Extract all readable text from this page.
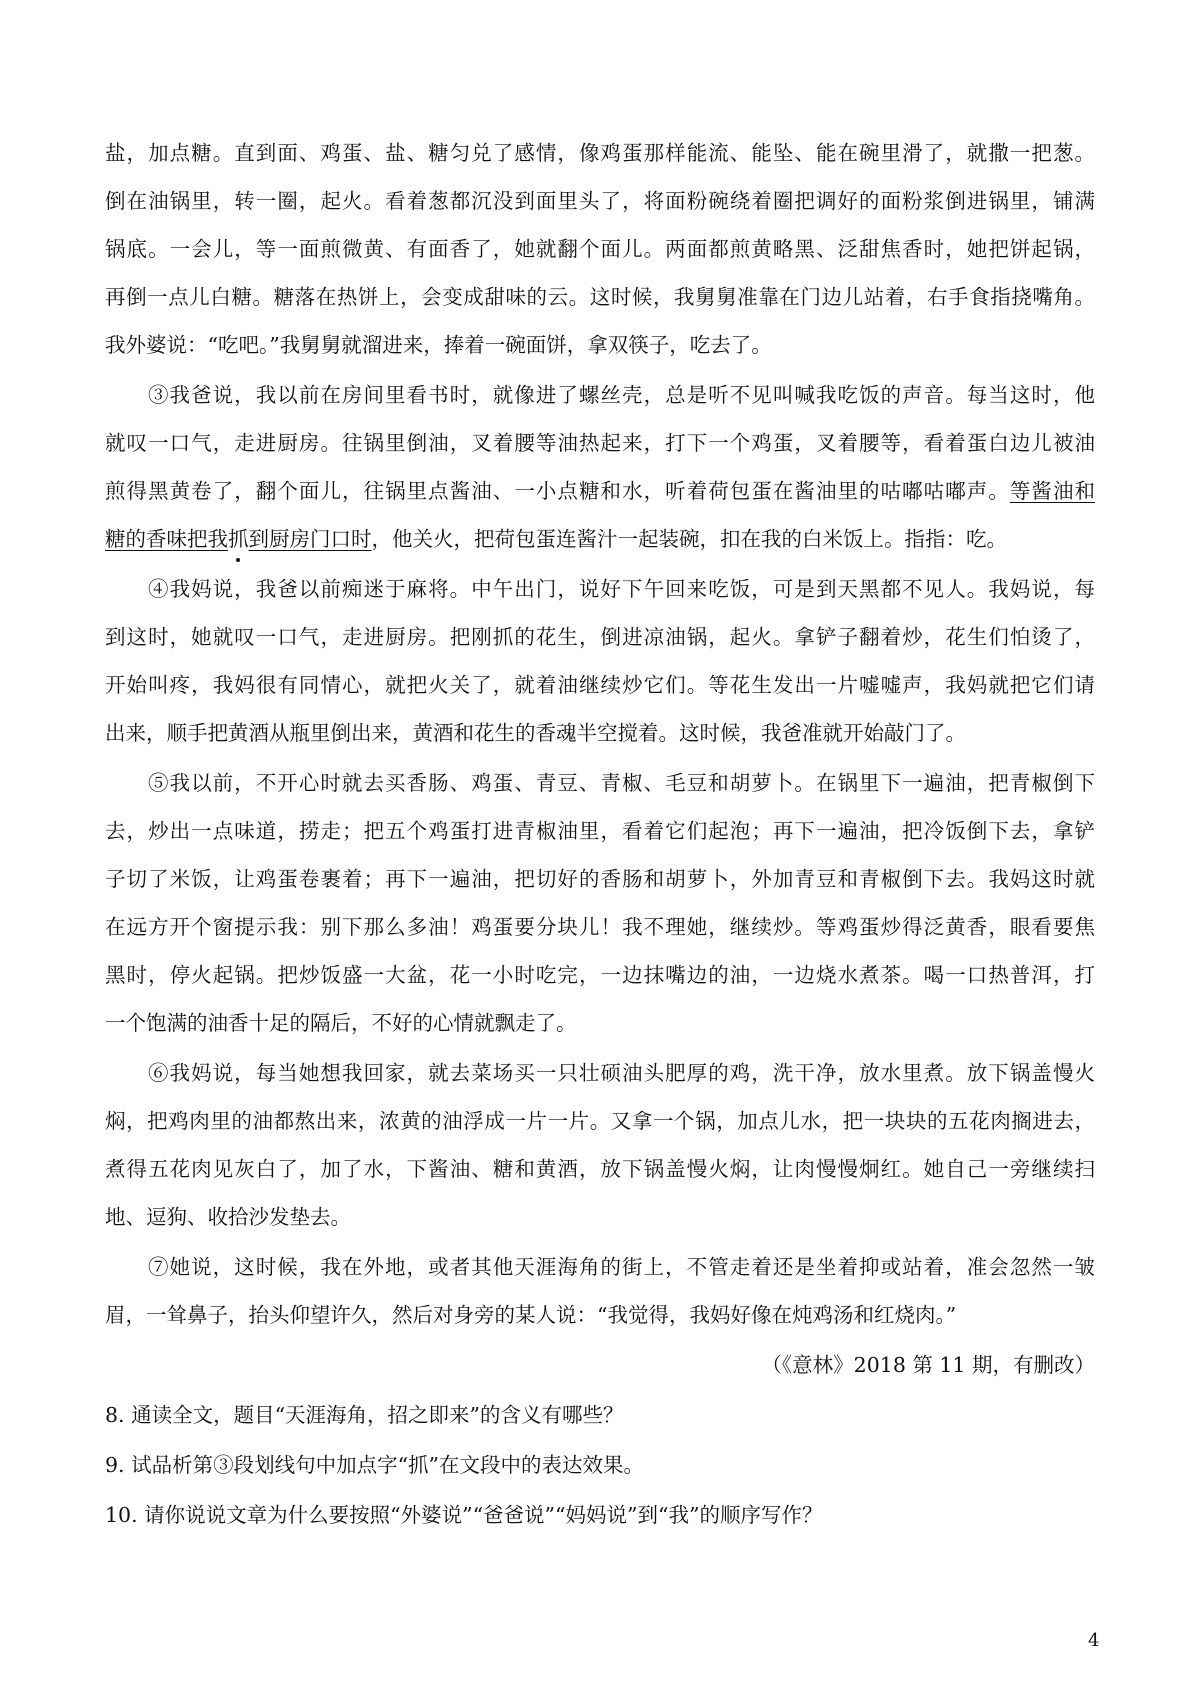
盐，加点糖。直到面、鸡蛋、盐、糖匀兑了感情，像鸡蛋那样能流、能坠、能在碗里滑了，就撒一把葱。
倒在油锅里，转一圈，起火。看着葱都沉没到面里头了，将面粉碗绕着圈把调好的面粉浆倒进锅里，铺满
锅底。一会儿，等一面煎微黄、有面香了，她就翻个面儿。两面都煎黄略黑、泛甜焦香时，她把饼起锅，
再倒一点儿白糖。糖落在热饼上，会变成甜味的云。这时候，我舅舅准靠在门边儿站着，右手食指挠嘴角。
我外婆说：“吃吧。”我舅舅就溜进来，捧着一碗面饼，拿双筷子，吃去了。
③我爸说，我以前在房间里看书时，就像进了螺丝壳，总是听不见叫喊我吃饭的声音。每当这时，他
就叹一口气，走进厨房。往锅里倒油，叉着腰等油热起来，打下一个鸡蛋，叉着腰等，看着蛋白边儿被油
煎得黑黄卷了，翻个面儿，往锅里点酱油、一小点糖和水，听着荷包蛋在酱油里的咕嘟咕嘟声。等酱油和
糖的香味把我抓到厨房门口时，他关火，把荷包蛋连酱汁一起装碗，扣在我的白米饭上。指指：吃。
④我妈说，我爸以前痴迷于麻将。中午出门，说好下午回来吃饭，可是到天黑都不见人。我妈说，每
到这时，她就叹一口气，走进厨房。把刚抓的花生，倒进凉油锅，起火。拿铲子翻着炒，花生们怕烫了，
开始叫疼，我妈很有同情心，就把火关了，就着油继续炒它们。等花生发出一片嘘嘘声，我妈就把它们请
出来，顺手把黄酒从瓶里倒出来，黄酒和花生的香魂半空搅着。这时候，我爸准就开始敲门了。
⑤我以前，不开心时就去买香肠、鸡蛋、青豆、青椒、毛豆和胡萝卜。在锅里下一遍油，把青椒倒下
去，炒出一点味道，捞走；把五个鸡蛋打进青椒油里，看着它们起泡；再下一遍油，把冷饭倒下去，拿铲
子切了米饭，让鸡蛋卷裹着；再下一遍油，把切好的香肠和胡萝卜，外加青豆和青椒倒下去。我妈这时就
在远方开个窗提示我：别下那么多油！鸡蛋要分块儿！我不理她，继续炒。等鸡蛋炒得泛黄香，眼看要焦
黑时，停火起锅。把炒饭盛一大盆，花一小时吃完，一边抹嘴边的油，一边烧水煮茶。喝一口热普洱，打
一个饱满的油香十足的隔后，不好的心情就飘走了。
⑥我妈说，每当她想我回家，就去菜场买一只壮硕油头肥厚的鸡，洗干净，放水里煮。放下锅盖慢火
焖，把鸡肉里的油都熬出来，浓黄的油浮成一片一片。又拿一个锅，加点儿水，把一块块的五花肉搁进去，
煮得五花肉见灰白了，加了水，下酱油、糖和黄酒，放下锅盖慢火焖，让肉慢慢炯红。她自己一旁继续扫
地、逗狗、收拾沙发垫去。
⑦她说，这时候，我在外地，或者其他天涯海角的街上，不管走着还是坐着抑或站着，准会忽然一皱
眉，一耸鼻子，抬头仰望许久，然后对身旁的某人说：“我觉得，我妈好像在炖鸡汤和红烧肉。”
（《意林》2018 第 11 期，有删改）
8. 通读全文，题目“天涯海角，招之即来”的含义有哪些？
9. 试品析第③段划线句中加点字“抓”在文段中的表达效果。
10. 请你说说文章为什么要按照“外婆说”“爸爸说”“妈妈说”到“我”的顺序写作？
4
